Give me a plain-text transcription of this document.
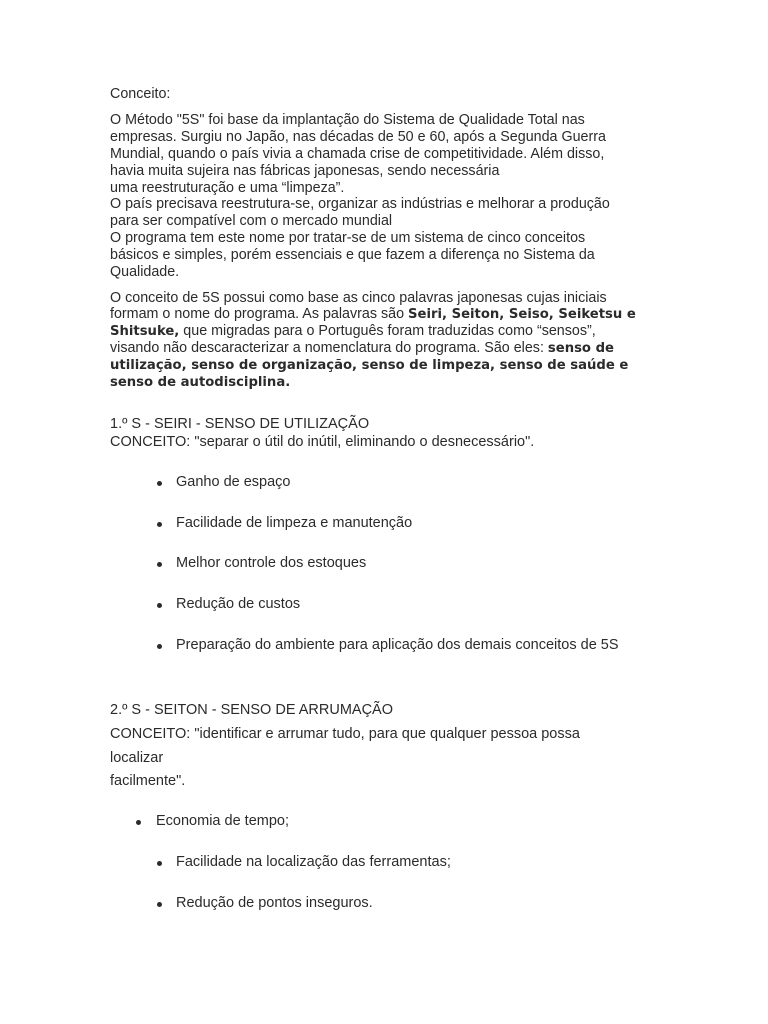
Conceito:
O Método "5S" foi base da implantação do Sistema de Qualidade Total nas
empresas. Surgiu no Japão, nas décadas de 50 e 60, após a Segunda Guerra
Mundial, quando o país vivia a chamada crise de competitividade. Além disso,
havia muita sujeira nas fábricas japonesas, sendo necessária
uma reestruturação e uma “limpeza”.
O país precisava reestrutura-se, organizar as indústrias e melhorar a produção
para ser compatível com o mercado mundial
O programa tem este nome por tratar-se de um sistema de cinco conceitos
básicos e simples, porém essenciais e que fazem a diferença no Sistema da
Qualidade.
O conceito de 5S possui como base as cinco palavras japonesas cujas iniciais
formam o nome do programa. As palavras são Seiri, Seiton, Seiso, Seiketsu e
Shitsuke, que migradas para o Português foram traduzidas como “sensos”,
visando não descaracterizar a nomenclatura do programa. São eles: senso de
utilização, senso de organização, senso de limpeza, senso de saúde e
senso de autodisciplina.
1.º S - SEIRI - SENSO DE UTILIZAÇÃO
CONCEITO: "separar o útil do inútil, eliminando o desnecessário".
Ganho de espaço
Facilidade de limpeza e manutenção
Melhor controle dos estoques
Redução de custos
Preparação do ambiente para aplicação dos demais conceitos de 5S
2.º S - SEITON - SENSO DE ARRUMAÇÃO
CONCEITO: "identificar e arrumar tudo, para que qualquer pessoa possa
localizar
facilmente".
Economia de tempo;
Facilidade na localização das ferramentas;
Redução de pontos inseguros.
